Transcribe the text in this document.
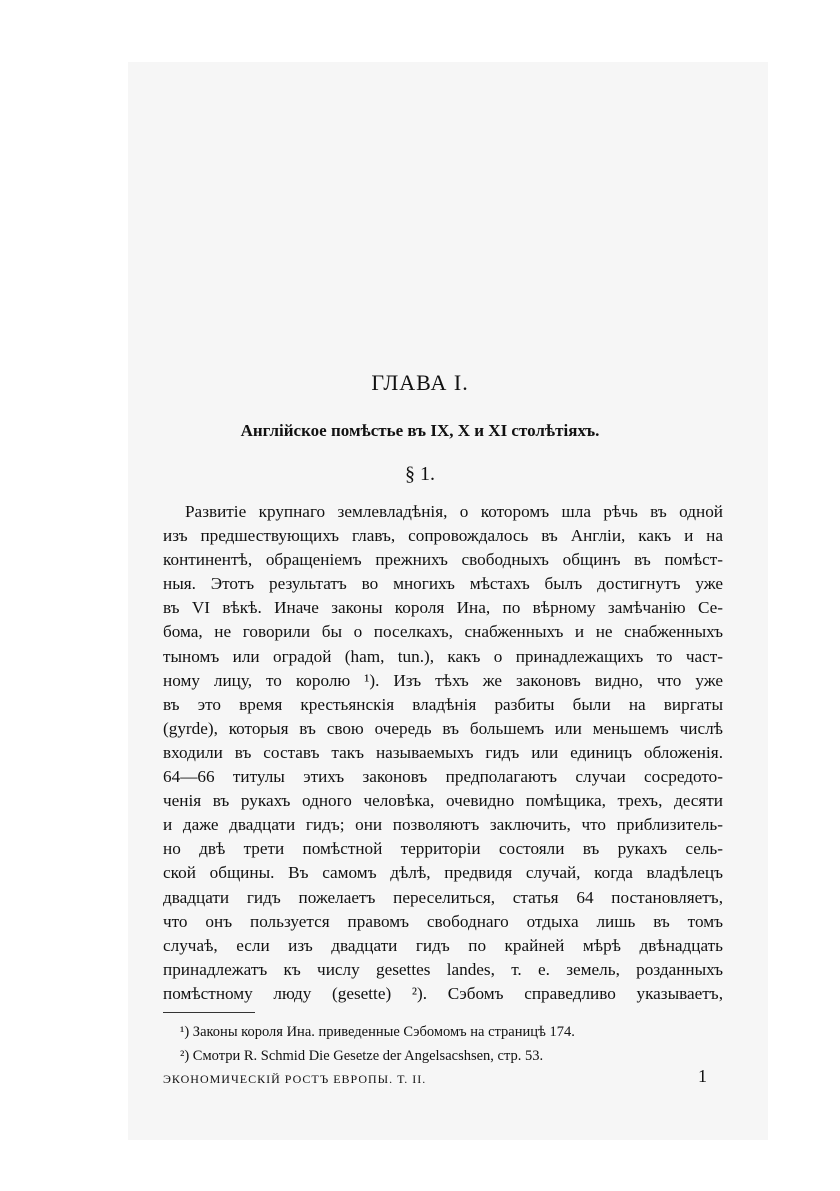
ГЛАВА I.
Англійское помѣстье въ IX, X и XI столѣтіяхъ.
§ 1.
Развитіе крупнаго землевладѣнія, о которомъ шла рѣчь въ одной
изъ предшествующихъ главъ, сопровождалось въ Англіи, какъ и на
континентѣ, обращеніемъ прежнихъ свободныхъ общинъ въ помѣст-
ныя. Этотъ результатъ во многихъ мѣстахъ былъ достигнутъ уже
въ VI вѣкѣ. Иначе законы короля Ина, по вѣрному замѣчанію Се-
бома, не говорили бы о поселкахъ, снабженныхъ и не снабженныхъ
тыномъ или оградой (ham, tun.), какъ о принадлежащихъ то част-
ному лицу, то королю ¹). Изъ тѣхъ же законовъ видно, что уже
въ это время крестьянскія владѣнія разбиты были на виргаты
(gyrde), которыя въ свою очередь въ большемъ или меньшемъ числѣ
входили въ составъ такъ называемыхъ гидъ или единицъ обложенія.
64—66 титулы этихъ законовъ предполагаютъ случаи сосредото-
ченія въ рукахъ одного человѣка, очевидно помѣщика, трехъ, десяти
и даже двадцати гидъ; они позволяютъ заключить, что приблизитель-
но двѣ трети помѣстной территоріи состояли въ рукахъ сель-
ской общины. Въ самомъ дѣлѣ, предвидя случай, когда владѣлецъ
двадцати гидъ пожелаетъ переселиться, статья 64 постановляетъ,
что онъ пользуется правомъ свободнаго отдыха лишь въ томъ
случаѣ, если изъ двадцати гидъ по крайней мѣрѣ двѣнадцать
принадлежатъ къ числу gesettes landes, т. е. земель, розданныхъ
помѣстному люду (gesette) ²). Сэбомъ справедливо указываетъ,
¹) Законы короля Ина. приведенные Сэбомомъ на страницѣ 174.
²) Смотри R. Schmid Die Gesetze der Angelsacshsen, стр. 53.
ЭКОНОМИЧЕСКІЙ РОСТЪ ЕВРОПЫ. Т. II.	1
